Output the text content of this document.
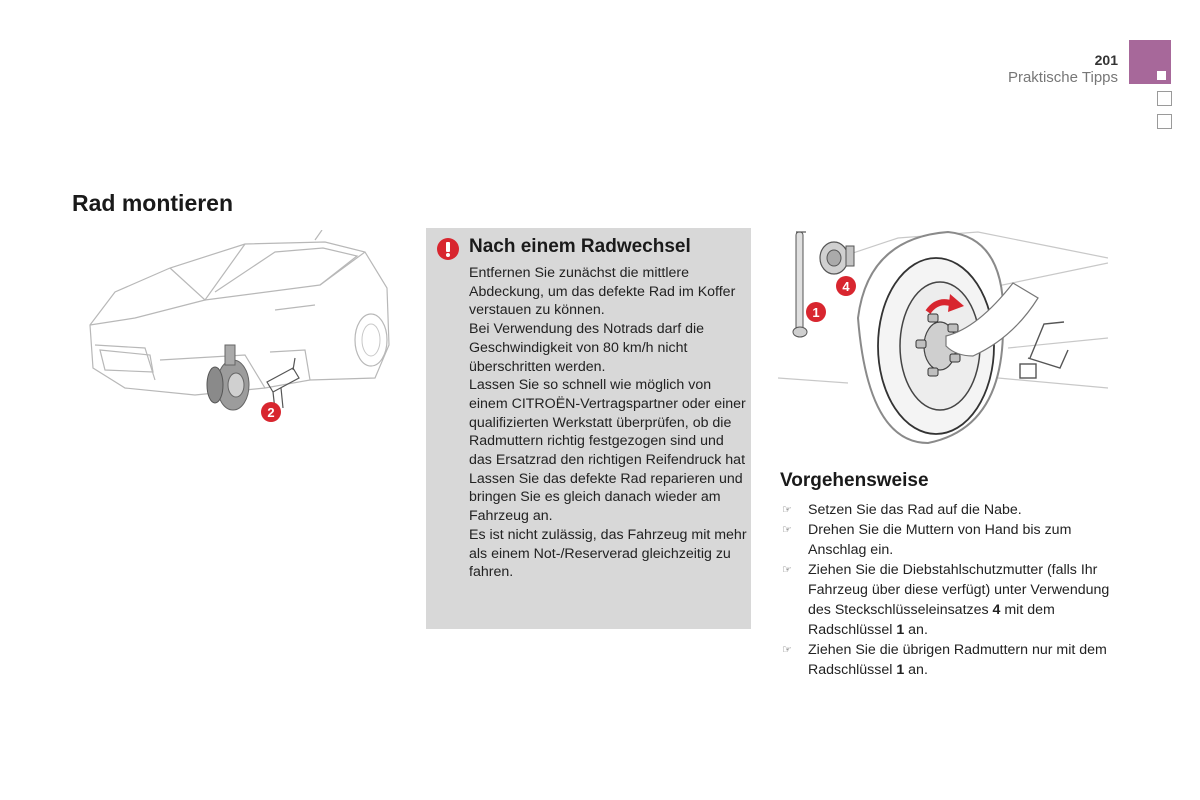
201
Praktische Tipps
Rad montieren
2
Nach einem Radwechsel

Entfernen Sie zunächst die mittlere Abdeckung, um das defekte Rad im Koffer verstauen zu können.

Bei Verwendung des Notrads darf die Geschwindigkeit von 80 km/h nicht überschritten werden.

Lassen Sie so schnell wie möglich von einem CITROËN-Vertragspartner oder einer qualifizierten Werkstatt überprüfen, ob die Radmuttern richtig festgezogen sind und das Ersatzrad den richtigen Reifendruck hat

Lassen Sie das defekte Rad reparieren und bringen Sie es gleich danach wieder am Fahrzeug an.

Es ist nicht zulässig, das Fahrzeug mit mehr als einem Not-/Reserverad gleichzeitig zu fahren.

1
4
Vorgehensweise
☞ Setzen Sie das Rad auf die Nabe.
☞ Drehen Sie die Muttern von Hand bis zum Anschlag ein.
☞ Ziehen Sie die Diebstahlschutzmutter (falls Ihr Fahrzeug über diese verfügt) unter Verwendung des Steckschlüsseleinsatzes 4 mit dem Radschlüssel 1 an.
☞ Ziehen Sie die übrigen Radmuttern nur mit dem Radschlüssel 1 an.
